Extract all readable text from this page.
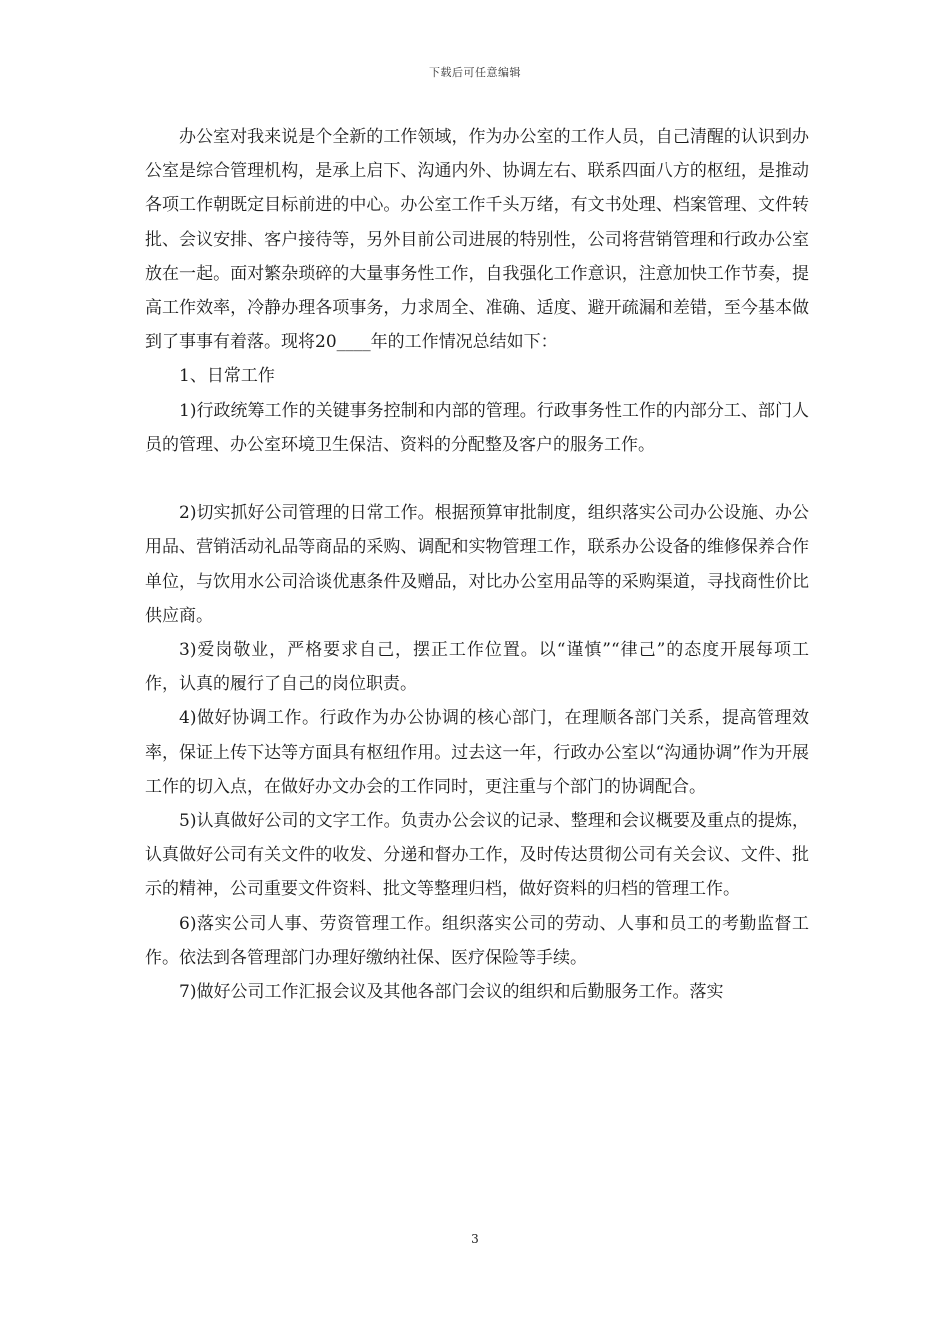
下载后可任意编辑

办公室对我来说是个全新的工作领域，作为办公室的工作人员，自己清醒的认识到办公室是综合管理机构，是承上启下、沟通内外、协调左右、联系四面八方的枢纽，是推动各项工作朝既定目标前进的中心。办公室工作千头万绪，有文书处理、档案管理、文件转批、会议安排、客户接待等，另外目前公司进展的特别性，公司将营销管理和行政办公室放在一起。面对繁杂琐碎的大量事务性工作，自我强化工作意识，注意加快工作节奏，提高工作效率，冷静办理各项事务，力求周全、准确、适度、避开疏漏和差错，至今基本做到了事事有着落。现将20____年的工作情况总结如下：

1、日常工作

1)行政统筹工作的关键事务控制和内部的管理。行政事务性工作的内部分工、部门人员的管理、办公室环境卫生保洁、资料的分配整及客户的服务工作。

2)切实抓好公司管理的日常工作。根据预算审批制度，组织落实公司办公设施、办公用品、营销活动礼品等商品的采购、调配和实物管理工作，联系办公设备的维修保养合作单位，与饮用水公司洽谈优惠条件及赠品，对比办公室用品等的采购渠道，寻找商性价比供应商。

3)爱岗敬业，严格要求自己，摆正工作位置。以“谨慎”“律己”的态度开展每项工作，认真的履行了自己的岗位职责。

4)做好协调工作。行政作为办公协调的核心部门，在理顺各部门关系，提高管理效率，保证上传下达等方面具有枢纽作用。过去这一年，行政办公室以“沟通协调”作为开展工作的切入点，在做好办文办会的工作同时，更注重与个部门的协调配合。

5)认真做好公司的文字工作。负责办公会议的记录、整理和会议概要及重点的提炼，认真做好公司有关文件的收发、分递和督办工作，及时传达贯彻公司有关会议、文件、批示的精神，公司重要文件资料、批文等整理归档，做好资料的归档的管理工作。

6)落实公司人事、劳资管理工作。组织落实公司的劳动、人事和员工的考勤监督工作。依法到各管理部门办理好缴纳社保、医疗保险等手续。

7)做好公司工作汇报会议及其他各部门会议的组织和后勤服务工作。落实

3
